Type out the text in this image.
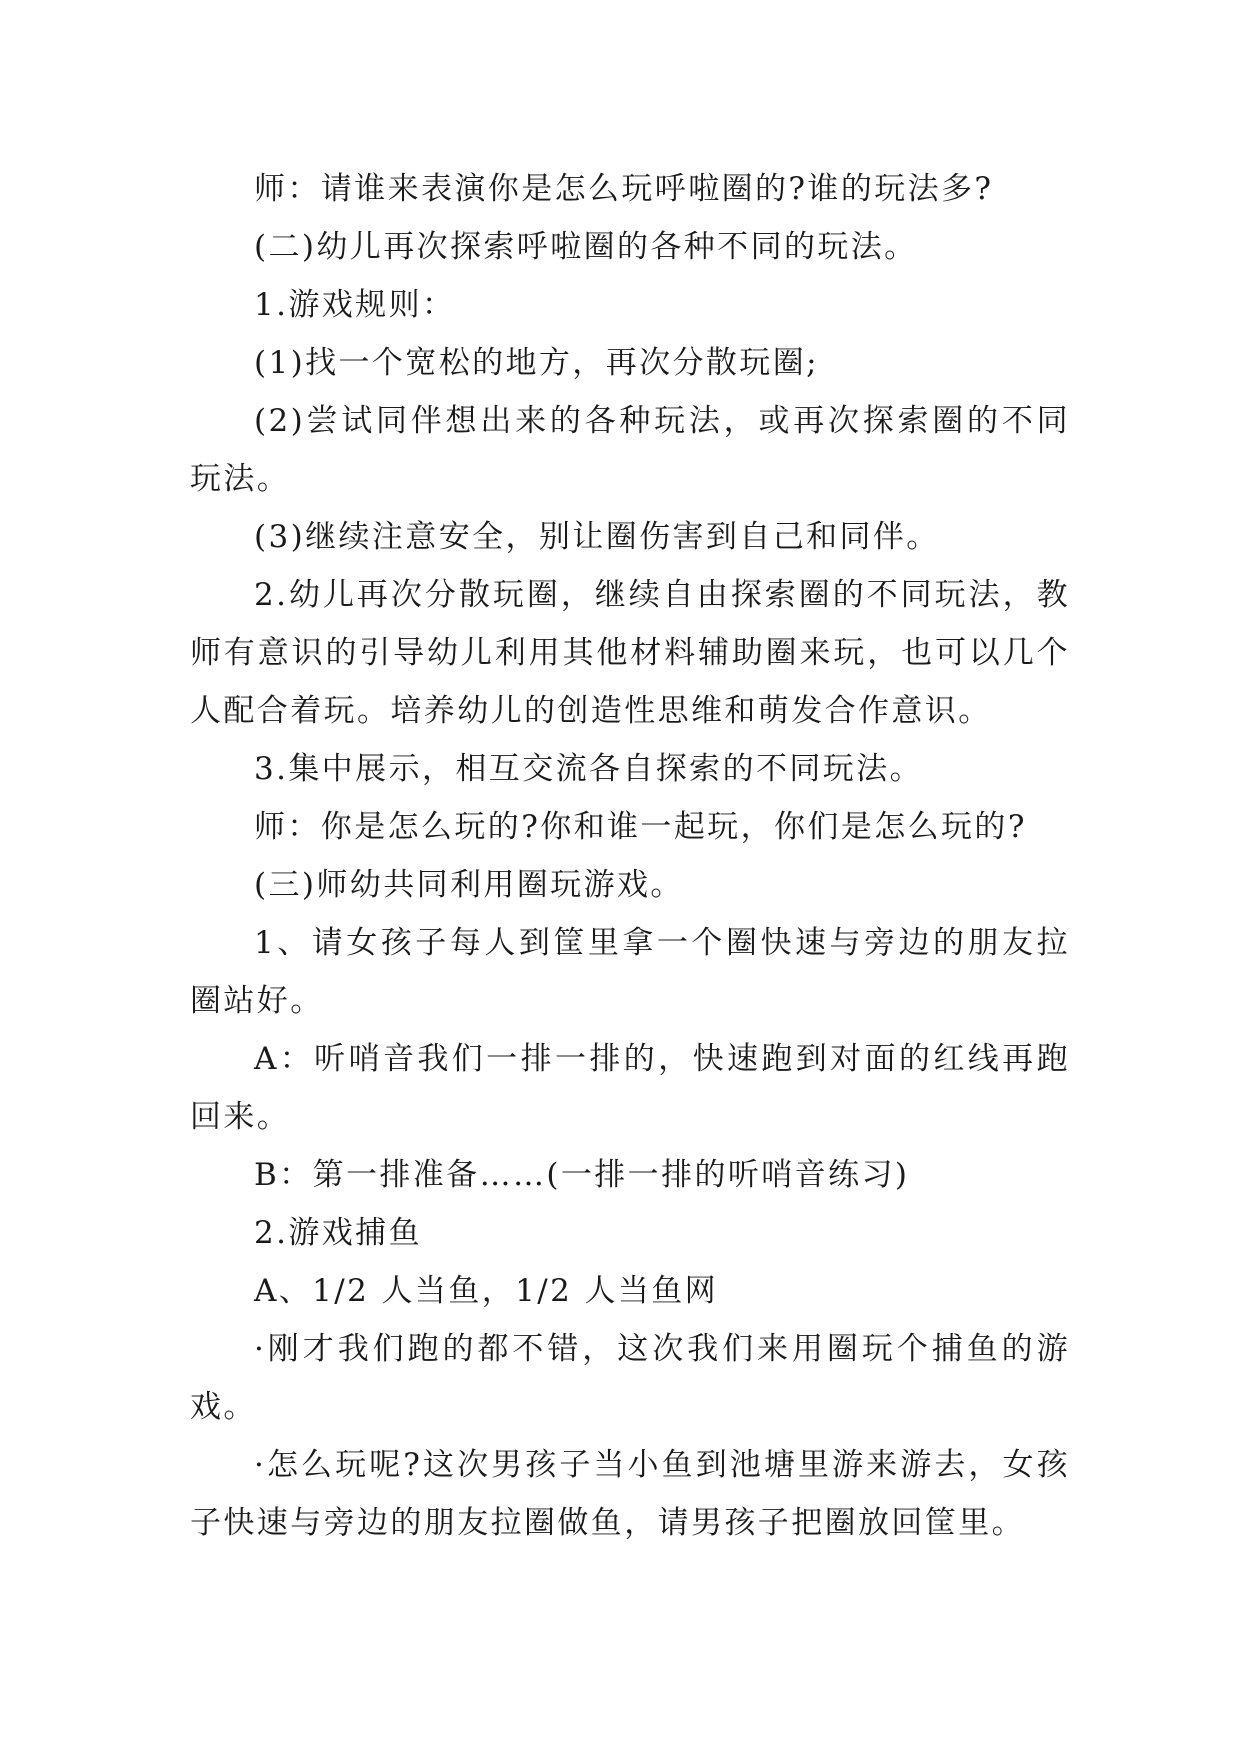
师：请谁来表演你是怎么玩呼啦圈的?谁的玩法多?

(二)幼儿再次探索呼啦圈的各种不同的玩法。

1.游戏规则：

(1)找一个宽松的地方，再次分散玩圈;

(2)尝试同伴想出来的各种玩法，或再次探索圈的不同玩法。

(3)继续注意安全，别让圈伤害到自己和同伴。

2.幼儿再次分散玩圈，继续自由探索圈的不同玩法，教师有意识的引导幼儿利用其他材料辅助圈来玩，也可以几个人配合着玩。培养幼儿的创造性思维和萌发合作意识。

3.集中展示，相互交流各自探索的不同玩法。

师：你是怎么玩的?你和谁一起玩，你们是怎么玩的?

(三)师幼共同利用圈玩游戏。

1、请女孩子每人到筐里拿一个圈快速与旁边的朋友拉圈站好。

A：听哨音我们一排一排的，快速跑到对面的红线再跑回来。

B：第一排准备……(一排一排的听哨音练习)

2.游戏捕鱼

A、1/2 人当鱼，1/2 人当鱼网

·刚才我们跑的都不错，这次我们来用圈玩个捕鱼的游戏。

·怎么玩呢?这次男孩子当小鱼到池塘里游来游去，女孩子快速与旁边的朋友拉圈做鱼，请男孩子把圈放回筐里。
